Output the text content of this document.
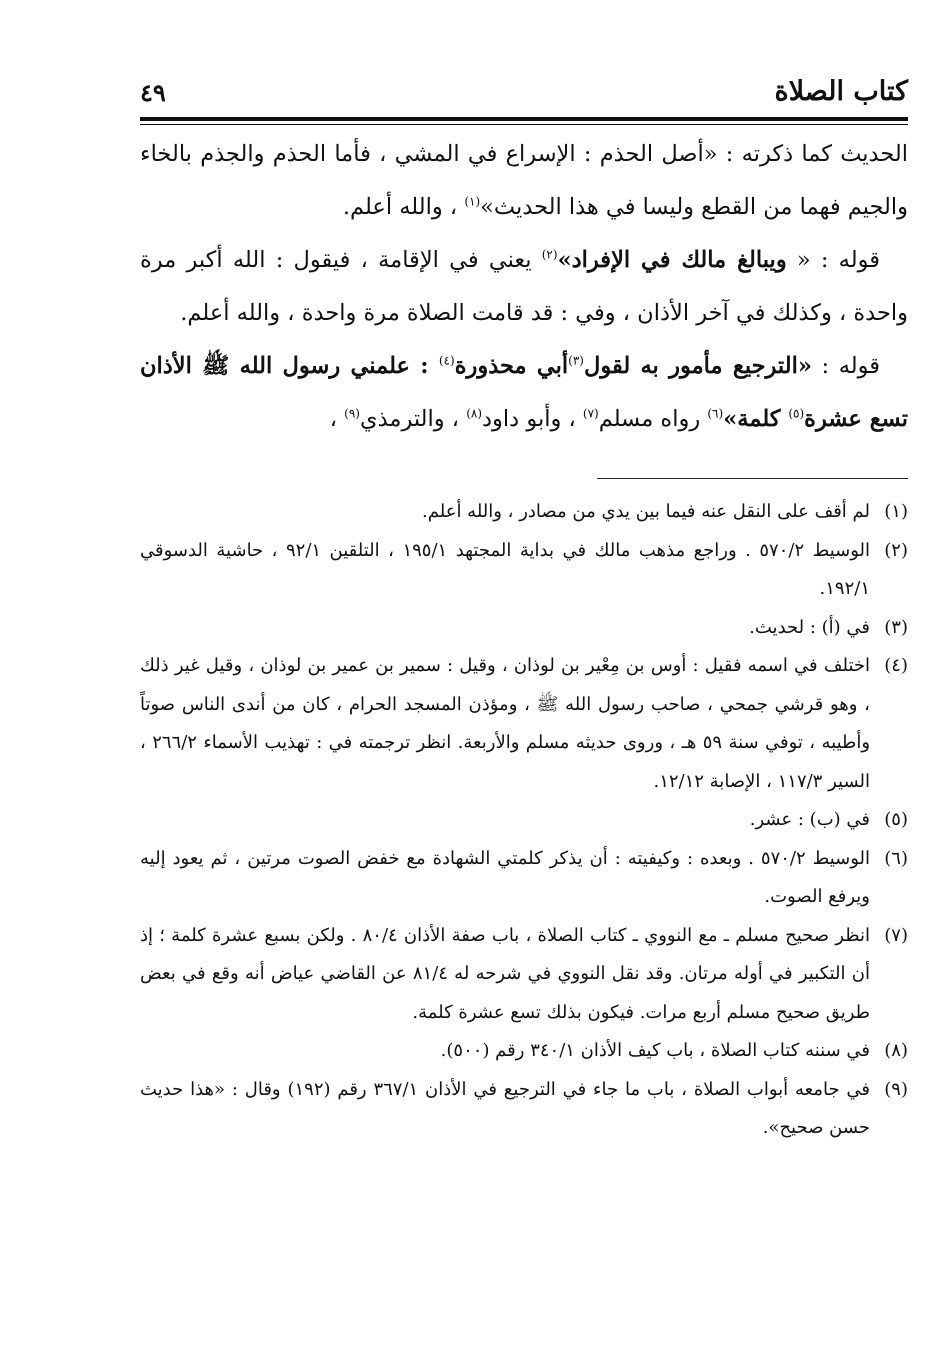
كتاب الصلاة
٤٩

الحديث كما ذكرته : «أصل الحذم : الإسراع في المشي ، فأما الحذم والجذم بالخاء والجيم فهما من القطع وليسا في هذا الحديث»$^{(١)}$ ، والله أعلم.

قوله : « ويبالغ مالك في الإفراد»$^{(٢)}$ يعني في الإقامة ، فيقول : الله أكبر مرة واحدة ، وكذلك في آخر الأذان ، وفي : قد قامت الصلاة مرة واحدة ، والله أعلم.

قوله : «الترجيع مأمور به لقول$^{(٣)}$أبي محذورة$^{(٤)}$ : علمني رسول الله ﷺ الأذان تسع عشرة$^{(٥)}$ كلمة»$^{(٦)}$ رواه مسلم$^{(٧)}$ ، وأبو داود$^{(٨)}$ ، والترمذي$^{(٩)}$ ،

(١)
لم أقف على النقل عنه فيما بين يدي من مصادر ، والله أعلم.

(٢)
الوسيط ٥٧٠/٢ . وراجع مذهب مالك في بداية المجتهد ١٩٥/١ ، التلقين ٩٢/١ ، حاشية الدسوقي ١٩٢/١.

(٣)
في (أ) : لحديث.

(٤)
اختلف في اسمه فقيل : أوس بن مِعْير بن لوذان ، وقيل : سمير بن عمير بن لوذان ، وقيل غير ذلك ، وهو قرشي جمحي ، صاحب رسول الله ﷺ ، ومؤذن المسجد الحرام ، كان من أندى الناس صوتاً وأطيبه ، توفي سنة ٥٩ هـ ، وروى حديثه مسلم والأربعة. انظر ترجمته في : تهذيب الأسماء ٢٦٦/٢ ، السير ١١٧/٣ ، الإصابة ١٢/١٢.

(٥)
في (ب) : عشر.

(٦)
الوسيط ٥٧٠/٢ . وبعده : وكيفيته : أن يذكر كلمتي الشهادة مع خفض الصوت مرتين ، ثم يعود إليه ويرفع الصوت.

(٧)
انظر صحيح مسلم ـ مع النووي ـ كتاب الصلاة ، باب صفة الأذان ٨٠/٤ . ولكن بسبع عشرة كلمة ؛ إذ أن التكبير في أوله مرتان. وقد نقل النووي في شرحه له ٨١/٤ عن القاضي عياض أنه وقع في بعض طريق صحيح مسلم أربع مرات. فيكون بذلك تسع عشرة كلمة.

(٨)
في سننه كتاب الصلاة ، باب كيف الأذان ٣٤٠/١ رقم (٥٠٠).

(٩)
في جامعه أبواب الصلاة ، باب ما جاء في الترجيع في الأذان ٣٦٧/١ رقم (١٩٢) وقال : «هذا حديث حسن صحيح».
